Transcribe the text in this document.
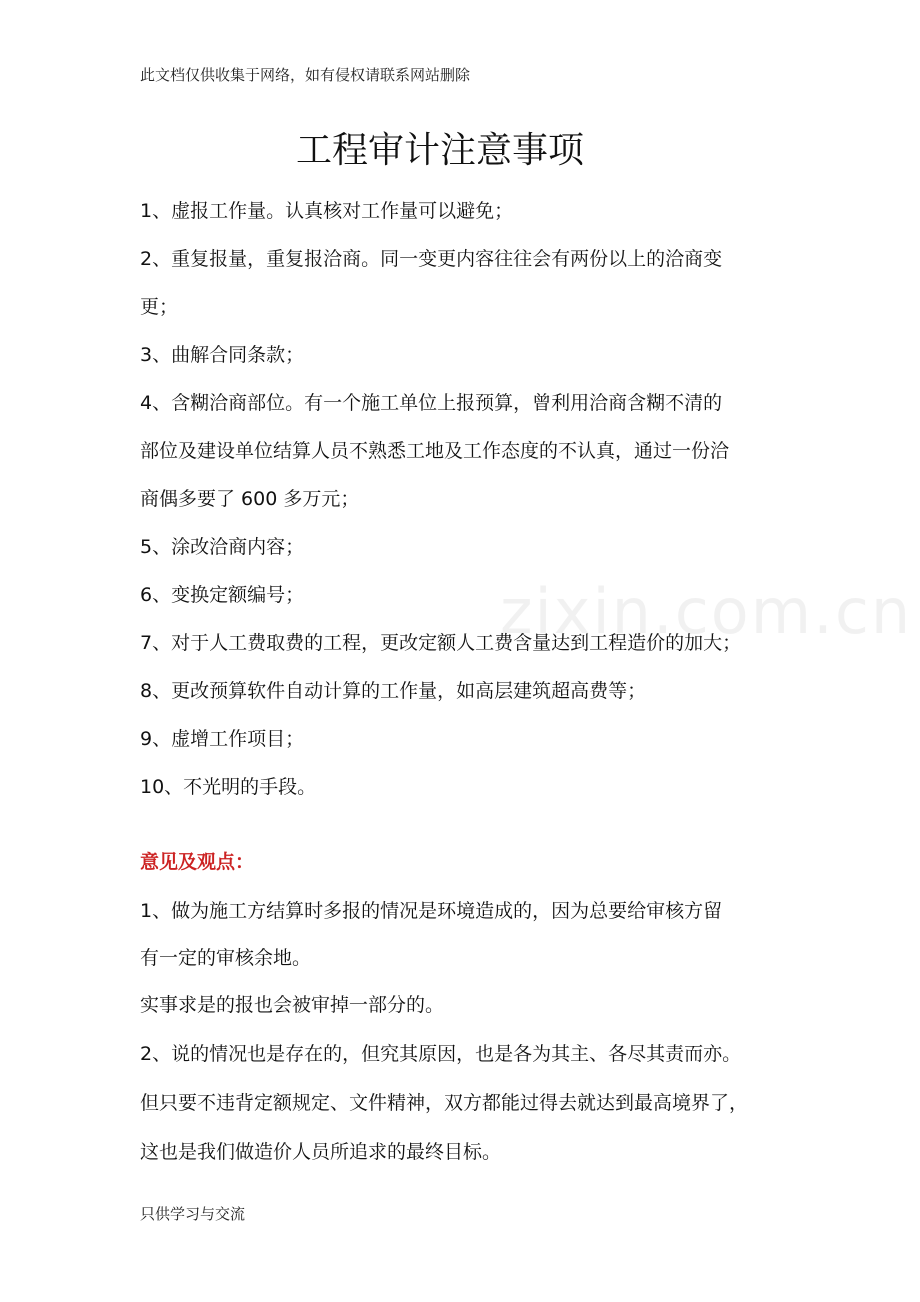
此文档仅供收集于网络，如有侵权请联系网站删除
工程审计注意事项
1、虚报工作量。认真核对工作量可以避免；
2、重复报量，重复报洽商。同一变更内容往往会有两份以上的洽商变
更；
3、曲解合同条款；
4、含糊洽商部位。有一个施工单位上报预算，曾利用洽商含糊不清的
部位及建设单位结算人员不熟悉工地及工作态度的不认真，通过一份洽
商偶多要了 600 多万元；
5、涂改洽商内容；
6、变换定额编号；
7、对于人工费取费的工程，更改定额人工费含量达到工程造价的加大；
8、更改预算软件自动计算的工作量，如高层建筑超高费等；
9、虚增工作项目；
10、不光明的手段。
意见及观点：
1、做为施工方结算时多报的情况是环境造成的，因为总要给审核方留
有一定的审核余地。
实事求是的报也会被审掉一部分的。
2、说的情况也是存在的，但究其原因，也是各为其主、各尽其责而亦。
但只要不违背定额规定、文件精神，双方都能过得去就达到最高境界了，
这也是我们做造价人员所追求的最终目标。
zixin.com.cn
只供学习与交流
